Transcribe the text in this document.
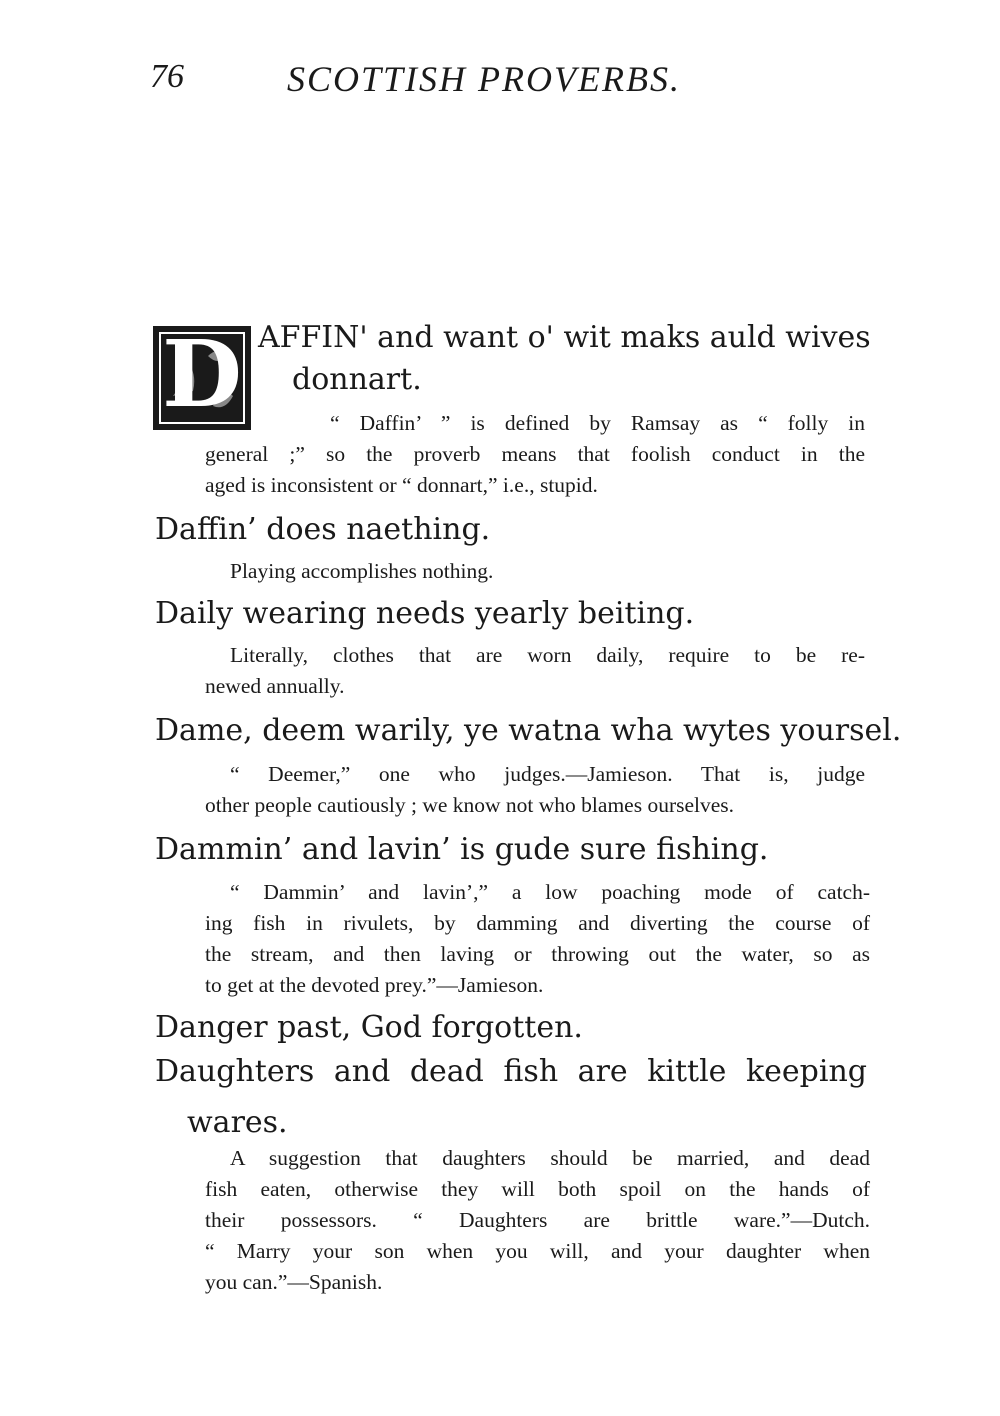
76	SCOTTISH PROVERBS.
D AFFIN' and want o' wit maks auld wives
donnart.
“ Daffin’ ” is defined by Ramsay as “ folly in
general ;” so the proverb means that foolish conduct in the
aged is inconsistent or “ donnart,” i.e., stupid.
Daffin’ does naething.
Playing accomplishes nothing.
Daily wearing needs yearly beiting.
Literally, clothes that are worn daily, require to be re-
newed annually.
Dame, deem warily, ye watna wha wytes yoursel.
“ Deemer,” one who judges.—Jamieson. That is, judge
other people cautiously ; we know not who blames ourselves.
Dammin’ and lavin’ is gude sure fishing.
“ Dammin’ and lavin’,” a low poaching mode of catch-
ing fish in rivulets, by damming and diverting the course of
the stream, and then laving or throwing out the water, so as
to get at the devoted prey.”—Jamieson.
Danger past, God forgotten.
Daughters and dead fish are kittle keeping
wares.
A suggestion that daughters should be married, and dead
fish eaten, otherwise they will both spoil on the hands of
their possessors. “ Daughters are brittle ware.”—Dutch.
“ Marry your son when you will, and your daughter when
you can.”—Spanish.
